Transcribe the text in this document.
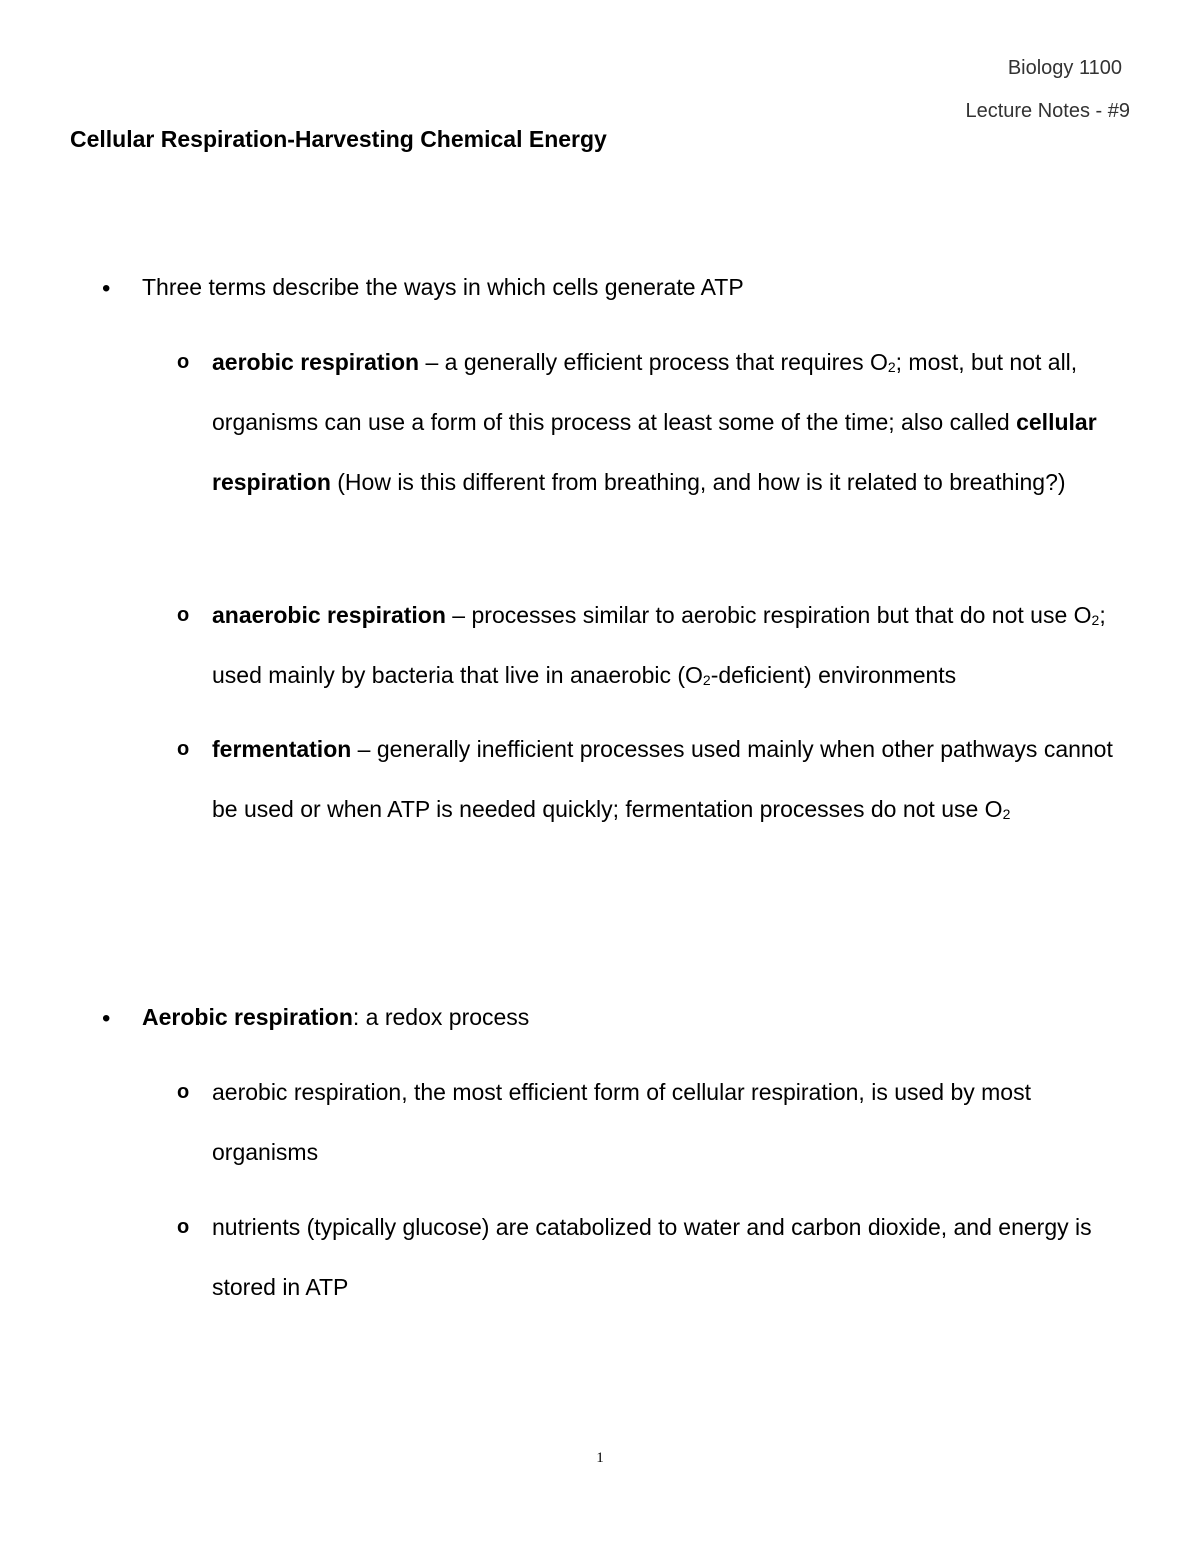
Biology 1100
Lecture Notes - #9
Cellular Respiration-Harvesting Chemical Energy
• Three terms describe the ways in which cells generate ATP
o aerobic respiration – a generally efficient process that requires $O_2$; most, but not all, organisms can use a form of this process at least some of the time; also called cellular respiration (How is this different from breathing, and how is it related to breathing?)
o anaerobic respiration – processes similar to aerobic respiration but that do not use $O_2$; used mainly by bacteria that live in anaerobic $(O_2-deficient)$ environments
o fermentation – generally inefficient processes used mainly when other pathways cannot be used or when ATP is needed quickly; fermentation processes do not use $O_2$
• Aerobic respiration: a redox process
o aerobic respiration, the most efficient form of cellular respiration, is used by most organisms
o nutrients (typically glucose) are catabolized to water and carbon dioxide, and energy is stored in ATP
1
